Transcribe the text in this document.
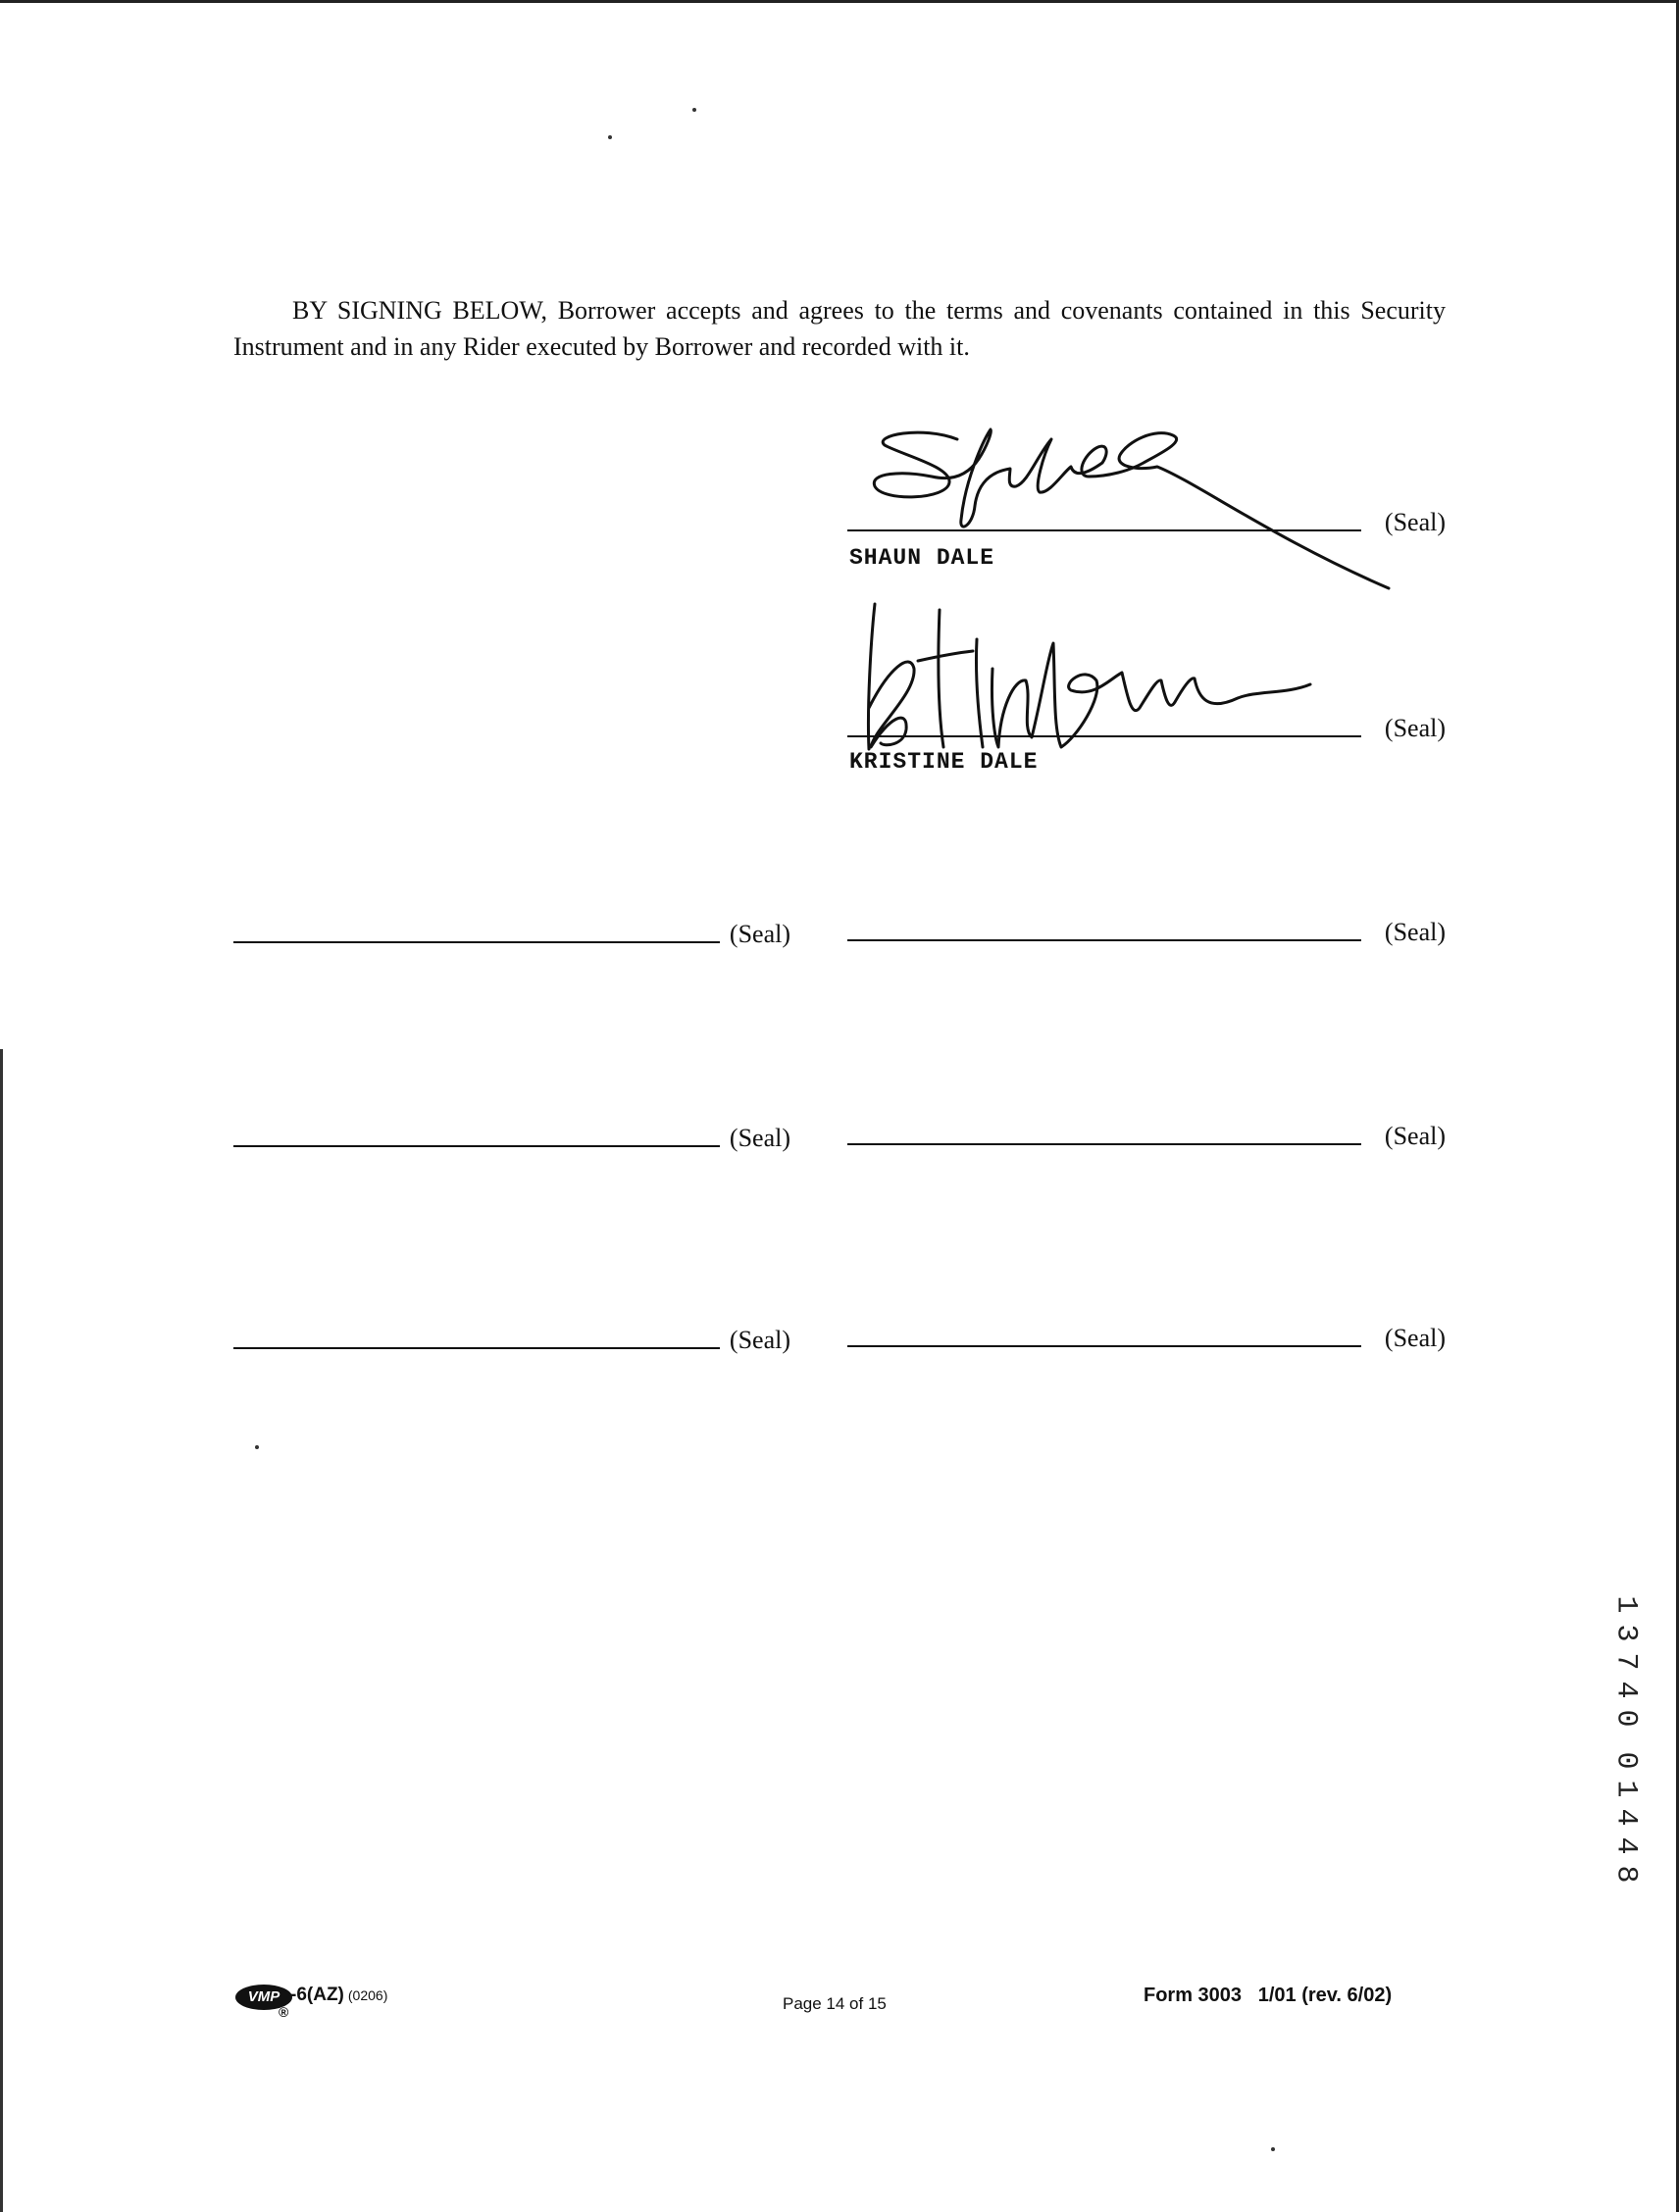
BY SIGNING BELOW, Borrower accepts and agrees to the terms and covenants contained in this Security Instrument and in any Rider executed by Borrower and recorded with it.

(Seal)
SHAUN DALE
(Seal)
KRISTINE DALE
(Seal)	(Seal)
(Seal)	(Seal)
(Seal)	(Seal)
1
3
7
4
0
0
1
4
4
8
VMP -6(AZ) (0206)
®	Page 14 of 15	Form 3003   1/01 (rev. 6/02)
